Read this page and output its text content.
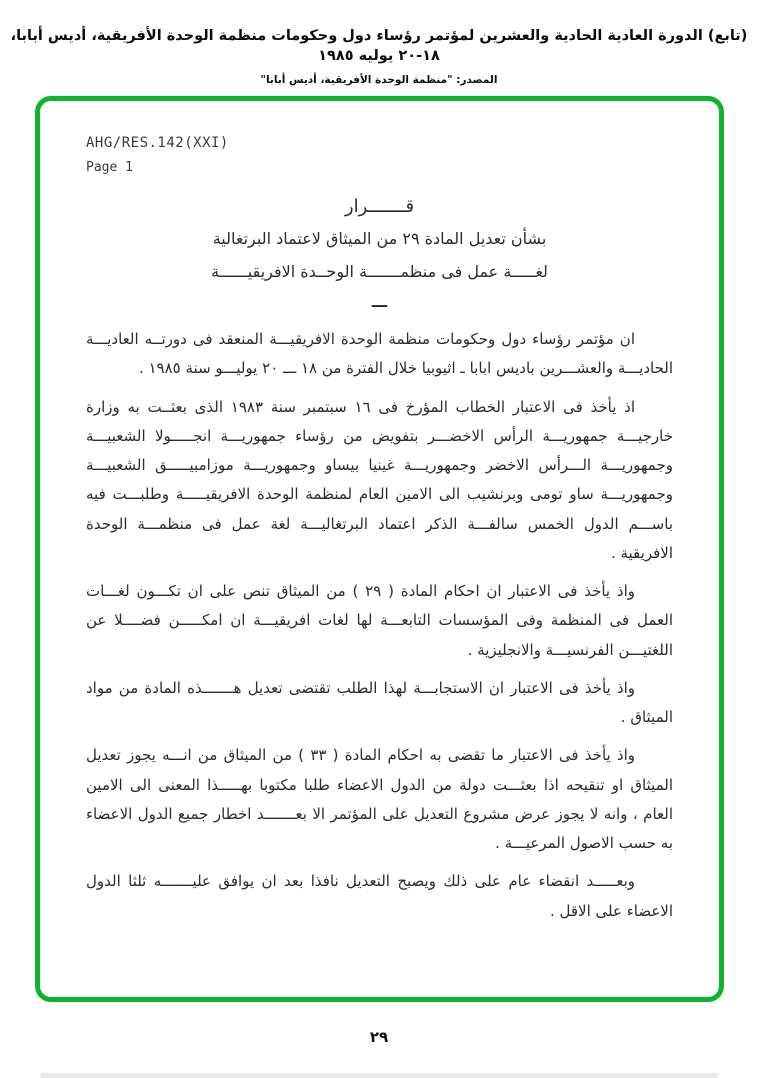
(تابع) الدورة العادية الحادية والعشرين لمؤتمر رؤساء دول وحكومات منظمة الوحدة الأفريقية، أديس أبابا، ١٨-٢٠ يوليه ١٩٨٥
المصدر: "منظمة الوحدة الأفريقية، أديس أبابا"
AHG/RES.142(XXI)
Page 1
قـــــــرار
بشأن تعديل المادة ٢٩ من الميثاق لاعتماد البرتغالية
لغـــــة عمل فى منظمـــــــة الوحــدة الافريقيــــــة
ـــ

ان مؤتمر رؤساء دول وحكومات منظمة الوحدة الافريقيـــة المنعقد فى دورتــه العاديـــة الحاديـــة والعشـــرين باديس ابابا ـ اثيوبيا خلال الفترة من ١٨ ـــ ٢٠ يوليـــو سنة ١٩٨٥ .

اذ يأخذ فى الاعتبار الخطاب المؤرخ فى ١٦ سبتمبر سنة ١٩٨٣ الذى بعثــت به وزارة خارجيـــة جمهوريـــة الرأس الاخضـــر بتفويض من رؤساء جمهوريـــة انجـــــولا الشعبيـــة وجمهوريـــة الـــرأس الاخضر وجمهوريـــة غينيا بيساو وجمهوريـــة موزامبيـــــق الشعبيـــة وجمهوريـــة ساو تومى وبرنشيب الى الامين العام لمنظمة الوحدة الافريقيـــــة وطلبـــت فيه باســـم الدول الخمس سالفـــة الذكر اعتماد البرتغاليـــة لغة عمل فى منظمـــة الوحدة الافريقية .

واذ يأخذ فى الاعتبار ان احكام المادة ( ٢٩ ) من الميثاق تنص على ان تكـــون لغـــات العمل فى المنظمة وفى المؤسسات التابعـــة لها لغات افريقيـــة ان امكـــــن فضــــلا عن اللغتيـــن الفرنسيـــة والانجليزية .

واذ يأخذ فى الاعتبار ان الاستجابـــة لهذا الطلب تقتضى تعديل هـــــــذه المادة من مواد الميثاق .

واذ يأخذ فى الاعتبار ما تقضى به احكام المادة ( ٣٣ ) من الميثاق من انـــه يجوز تعديل الميثاق او تنقيحه اذا بعثـــت دولة من الدول الاعضاء طلبا مكتوبا بهـــــذا المعنى الى الامين العام ، وانه لا يجوز عرض مشروع التعديل على المؤتمر الا بعـــــــد اخطار جميع الدول الاعضاء به حسب الاصول المرعيـــة .

وبعـــــد انقضاء عام على ذلك ويصبح التعديل نافذا بعد ان يوافق عليـــــــه ثلثا الدول الاعضاء على الاقل .

٢٩
